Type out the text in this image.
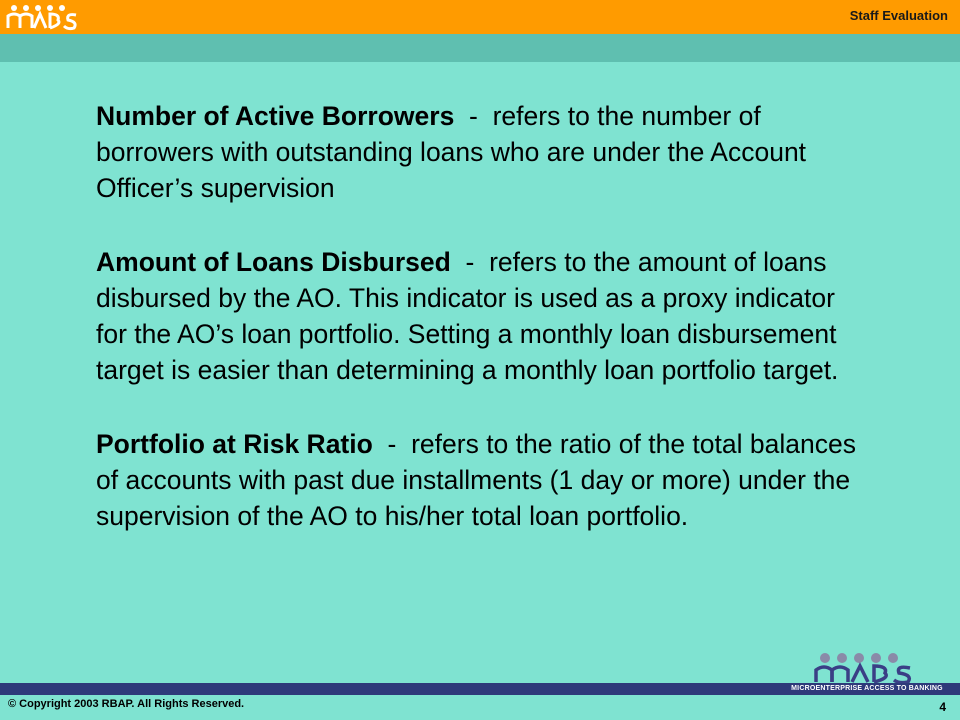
Staff Evaluation

Number of Active Borrowers  -  refers to the number of borrowers with outstanding loans who are under the Account Officer’s supervision

Amount of Loans Disbursed  -  refers to the amount of loans disbursed by the AO. This indicator is used as a proxy indicator for the AO’s loan portfolio. Setting a monthly loan disbursement target is easier than determining a monthly loan portfolio target.

Portfolio at Risk Ratio  -  refers to the ratio of the total balances of accounts with past due installments (1 day or more) under the supervision of the AO to his/her total loan portfolio.

MICROENTERPRISE ACCESS TO BANKING
© Copyright 2003 RBAP. All Rights Reserved.	4
